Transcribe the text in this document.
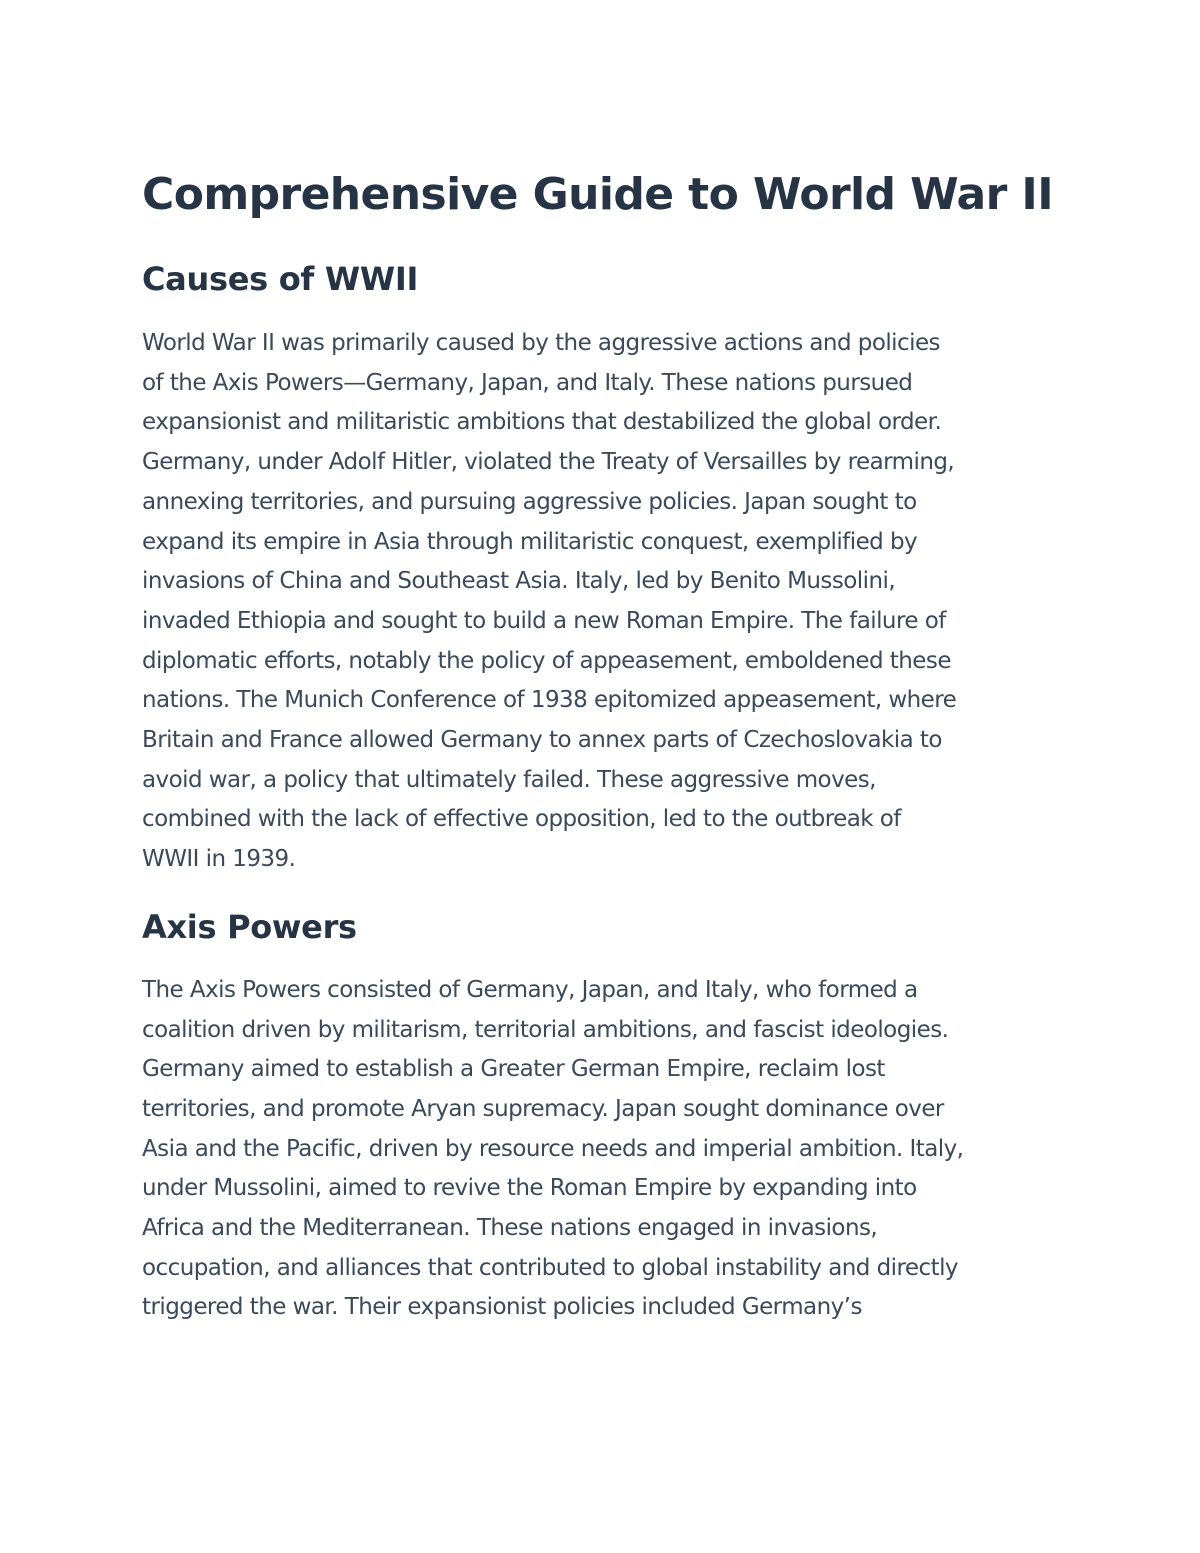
Comprehensive Guide to World War II
Causes of WWII

World War II was primarily caused by the aggressive actions and policies
of the Axis Powers—Germany, Japan, and Italy. These nations pursued
expansionist and militaristic ambitions that destabilized the global order.
Germany, under Adolf Hitler, violated the Treaty of Versailles by rearming,
annexing territories, and pursuing aggressive policies. Japan sought to
expand its empire in Asia through militaristic conquest, exemplified by
invasions of China and Southeast Asia. Italy, led by Benito Mussolini,
invaded Ethiopia and sought to build a new Roman Empire. The failure of
diplomatic efforts, notably the policy of appeasement, emboldened these
nations. The Munich Conference of 1938 epitomized appeasement, where
Britain and France allowed Germany to annex parts of Czechoslovakia to
avoid war, a policy that ultimately failed. These aggressive moves,
combined with the lack of effective opposition, led to the outbreak of
WWII in 1939.

Axis Powers

The Axis Powers consisted of Germany, Japan, and Italy, who formed a
coalition driven by militarism, territorial ambitions, and fascist ideologies.
Germany aimed to establish a Greater German Empire, reclaim lost
territories, and promote Aryan supremacy. Japan sought dominance over
Asia and the Pacific, driven by resource needs and imperial ambition. Italy,
under Mussolini, aimed to revive the Roman Empire by expanding into
Africa and the Mediterranean. These nations engaged in invasions,
occupation, and alliances that contributed to global instability and directly
triggered the war. Their expansionist policies included Germany’s
